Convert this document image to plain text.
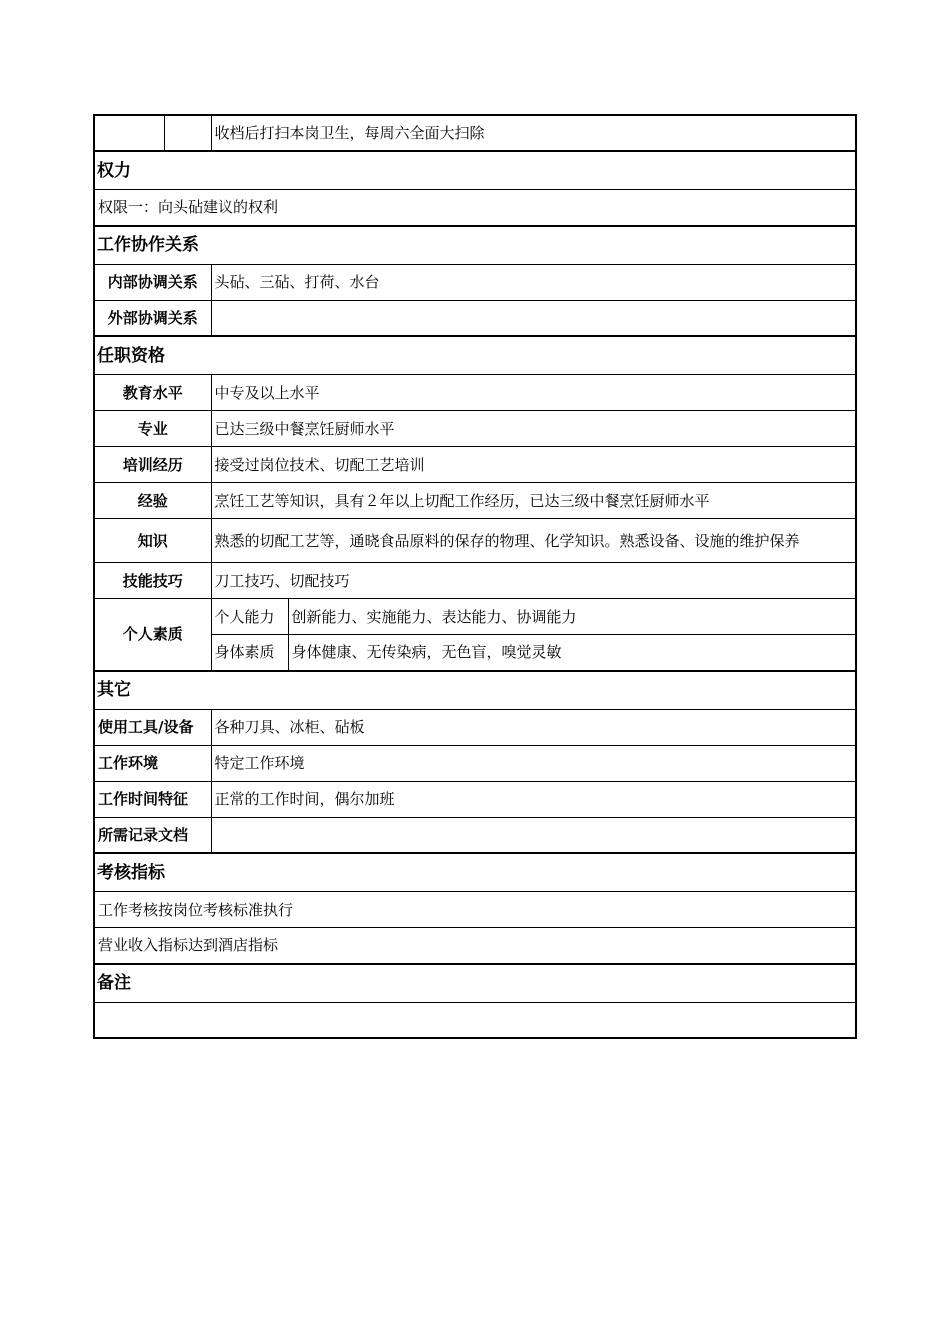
		收档后打扫本岗卫生，每周六全面大扫除	
权力			
权限一：向头砧建议的权利			
工作协作关系			
内部协调关系		头砧、三砧、打荷、水台	
外部协调关系			
任职资格			
教育水平		中专及以上水平	
专业		已达三级中餐烹饪厨师水平	
培训经历		接受过岗位技术、切配工艺培训	
经验		烹饪工艺等知识，具有２年以上切配工作经历，已达三级中餐烹饪厨师水平	
知识		熟悉的切配工艺等，通晓食品原料的保存的物理、化学知识。熟悉设备、设施的维护保养	
技能技巧		刀工技巧、切配技巧	
个人素质		个人能力	创新能力、实施能力、表达能力、协调能力
		身体素质	身体健康、无传染病，无色盲，嗅觉灵敏
其它			
使用工具/设备		各种刀具、冰柜、砧板	
工作环境		特定工作环境	
工作时间特征		正常的工作时间，偶尔加班	
所需记录文档			
考核指标			
工作考核按岗位考核标准执行			
营业收入指标达到酒店指标			
备注			
